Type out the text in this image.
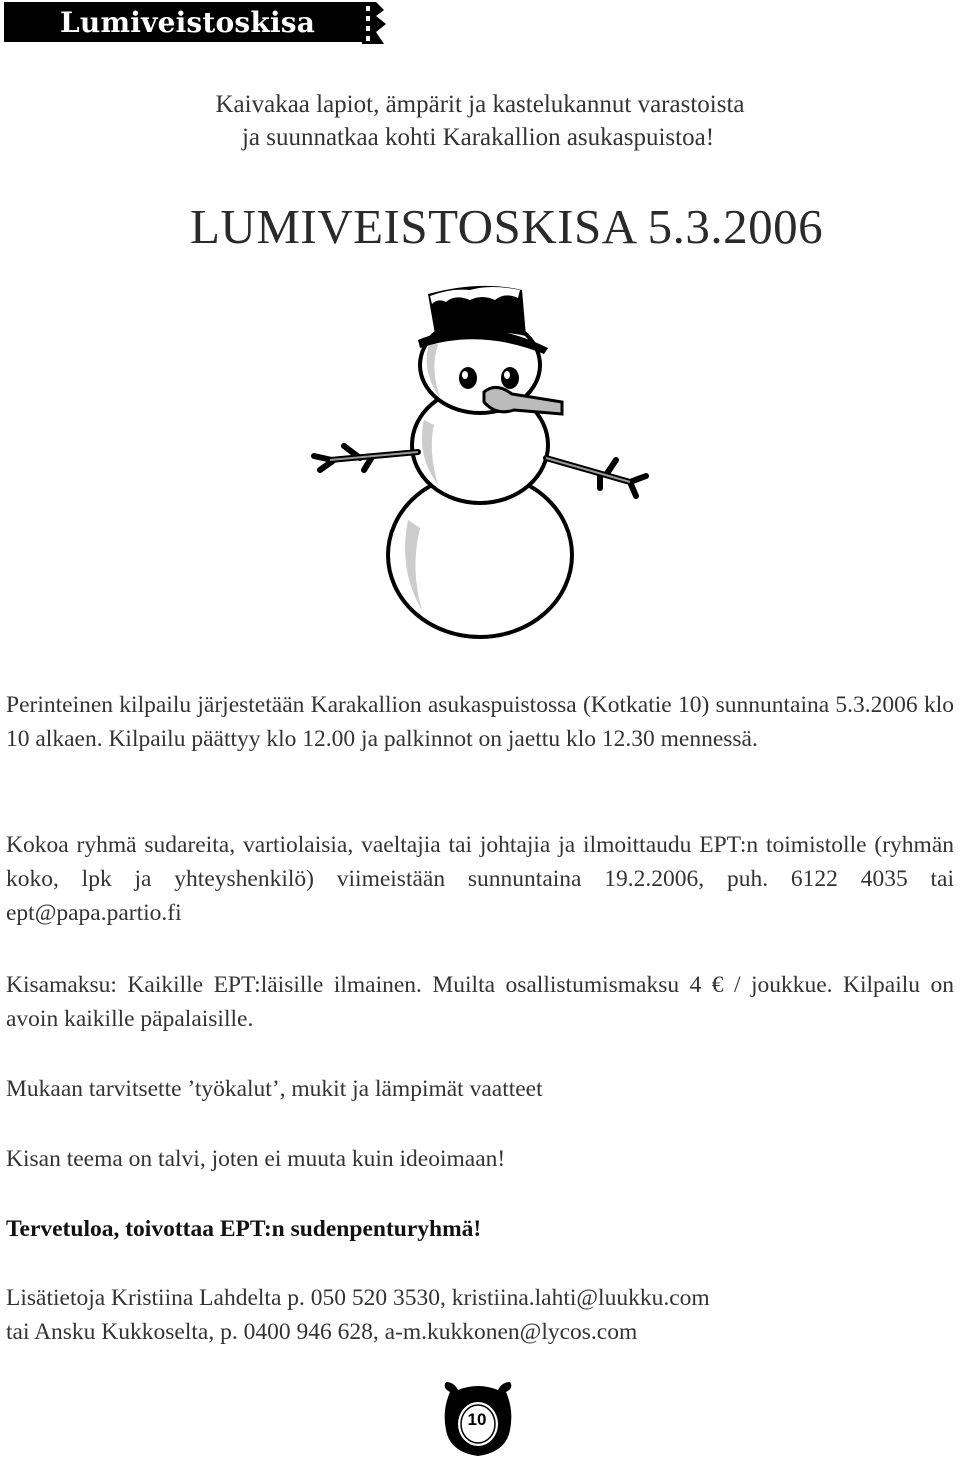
Lumiveistoskisa
Kaivakaa lapiot, ämpärit ja kastelukannut varastoista
ja suunnatkaa kohti Karakallion asukaspuistoa!
LUMIVEISTOSKISA 5.3.2006
Perinteinen kilpailu järjestetään Karakallion asukaspuistossa (Kotkatie 10) sunnuntaina 5.3.2006 klo 10 alkaen. Kilpailu päättyy klo 12.00 ja palkinnot on jaettu klo 12.30 mennessä.
Kokoa ryhmä sudareita, vartiolaisia, vaeltajia tai johtajia ja ilmoittaudu EPT:n toimistolle (ryhmän koko, lpk ja yhteyshenkilö) viimeistään sunnuntaina 19.2.2006, puh. 6122 4035 tai ept@papa.partio.fi
Kisamaksu: Kaikille EPT:läisille ilmainen. Muilta osallistumismaksu 4 € / joukkue. Kilpailu on avoin kaikille päpalaisille.
Mukaan tarvitsette ’työkalut’, mukit ja lämpimät vaatteet
Kisan teema on talvi, joten ei muuta kuin ideoimaan!
Tervetuloa, toivottaa EPT:n sudenpenturyhmä!
Lisätietoja Kristiina Lahdelta p. 050 520 3530, kristiina.lahti@luukku.com
tai Ansku Kukkoselta, p. 0400 946 628, a-m.kukkonen@lycos.com
10
